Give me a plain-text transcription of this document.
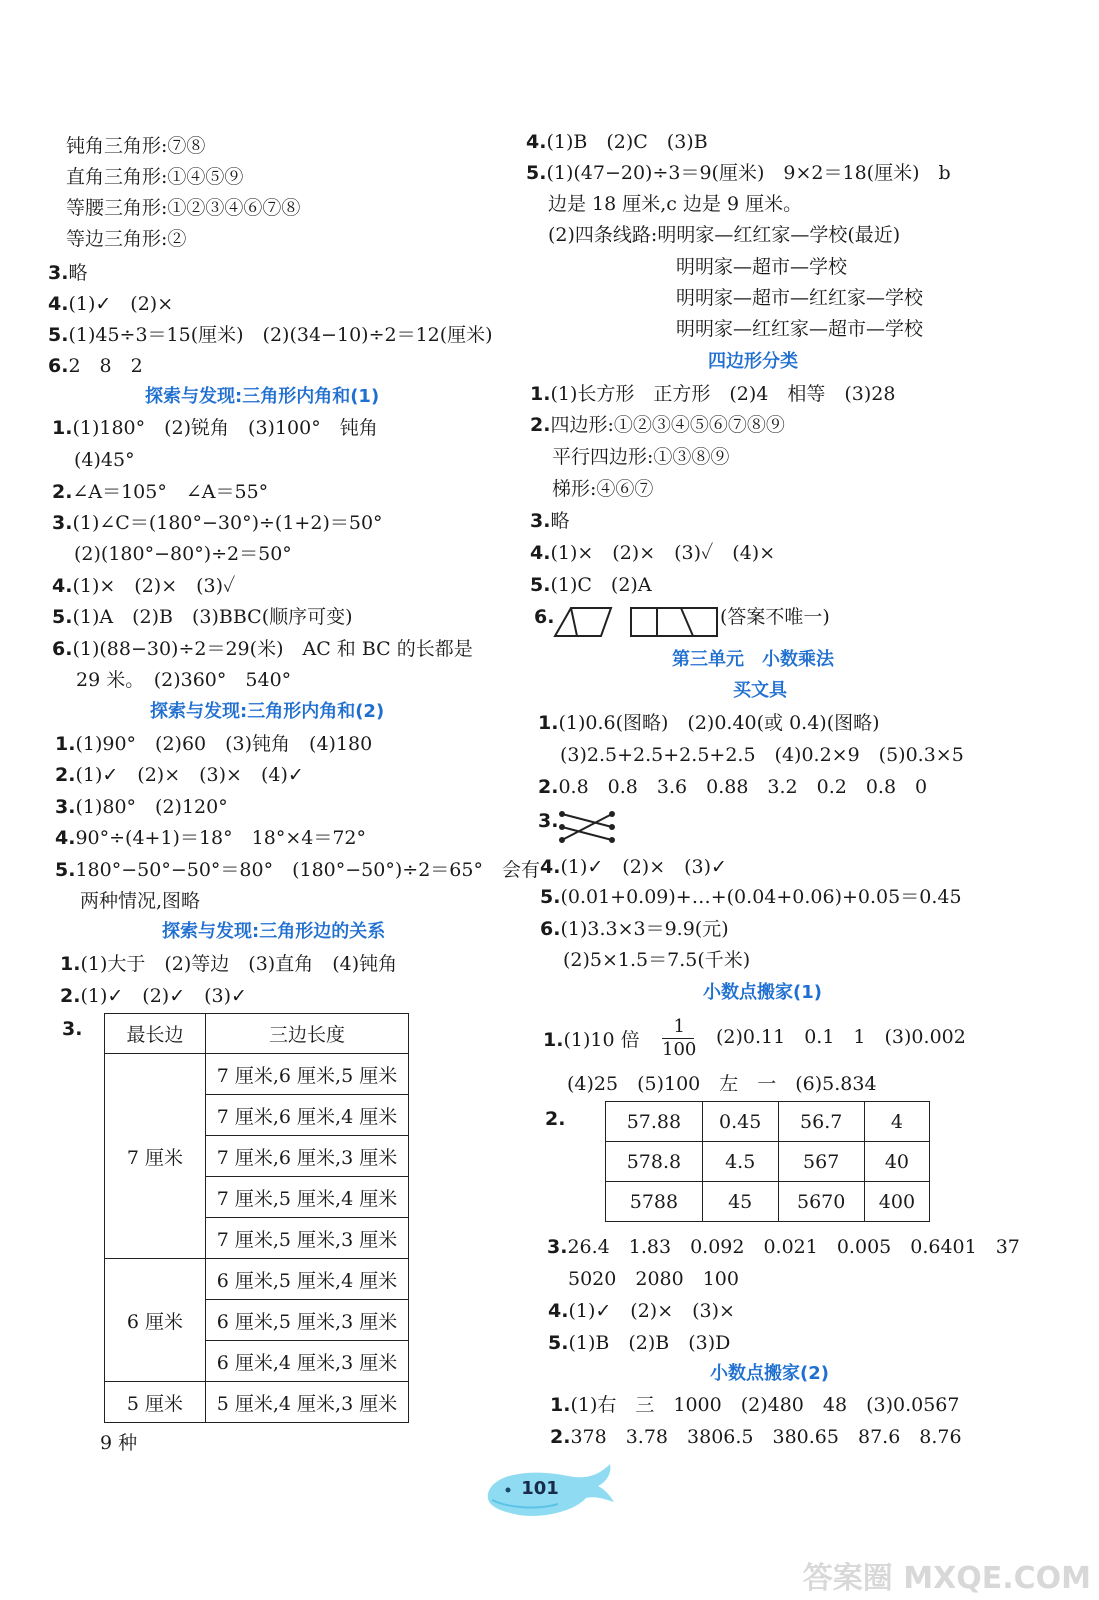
钝角三角形:⑦⑧
直角三角形:①④⑤⑨
等腰三角形:①②③④⑥⑦⑧
等边三角形:②
3.略
4.(1)✓　(2)×
5.(1)45÷3＝15(厘米)　(2)(34−10)÷2＝12(厘米)
6.2　8　2
探索与发现:三角形内角和(1)
1.(1)180°　(2)锐角　(3)100°　钝角
(4)45°
2.∠A＝105°　∠A＝55°
3.(1)∠C＝(180°−30°)÷(1+2)＝50°
(2)(180°−80°)÷2＝50°
4.(1)×　(2)×　(3)✓
5.(1)A　(2)B　(3)BBC(顺序可变)
6.(1)(88−30)÷2＝29(米)　AC 和 BC 的长都是
29 米。　(2)360°　540°
探索与发现:三角形内角和(2)
1.(1)90°　(2)60　(3)钝角　(4)180
2.(1)✓　(2)×　(3)×　(4)✓
3.(1)80°　(2)120°
4.90°÷(4+1)＝18°　18°×4＝72°
5.180°−50°−50°＝80°　(180°−50°)÷2＝65°　会有
两种情况,图略
探索与发现:三角形边的关系
1.(1)大于　(2)等边　(3)直角　(4)钝角
2.(1)✓　(2)✓　(3)✓
3. 最长边	三边长度
7 厘米	7 厘米,6 厘米,5 厘米
	7 厘米,6 厘米,4 厘米
	7 厘米,6 厘米,3 厘米
	7 厘米,5 厘米,4 厘米
	7 厘米,5 厘米,3 厘米
6 厘米	6 厘米,5 厘米,4 厘米
	6 厘米,5 厘米,3 厘米
	6 厘米,4 厘米,3 厘米
5 厘米	5 厘米,4 厘米,3 厘米
9 种
4.(1)B　(2)C　(3)B
5.(1)(47−20)÷3＝9(厘米)　9×2＝18(厘米)　b
边是 18 厘米,c 边是 9 厘米。
(2)四条线路:明明家—红红家—学校(最近)
明明家—超市—学校
明明家—超市—红红家—学校
明明家—红红家—超市—学校
四边形分类
1.(1)长方形　正方形　(2)4　相等　(3)28
2.四边形:①②③④⑤⑥⑦⑧⑨
平行四边形:①③⑧⑨
梯形:④⑥⑦
3.略
4.(1)×　(2)×　(3)✓　(4)×
5.(1)C　(2)A
6.	(答案不唯一)
第三单元　小数乘法
买文具
1.(1)0.6(图略)　(2)0.40(或 0.4)(图略)
(3)2.5+2.5+2.5+2.5　(4)0.2×9　(5)0.3×5
2.0.8　0.8　3.6　0.88　3.2　0.2　0.8　0
3.
4.(1)✓　(2)×　(3)✓
5.(0.01+0.09)+…+(0.04+0.06)+0.05＝0.45
6.(1)3.3×3＝9.9(元)
(2)5×1.5＝7.5(千米)
小数点搬家(1)
1.(1)10 倍
1
100
(2)0.11　0.1　1　(3)0.002
(4)25　(5)100　左　一　(6)5.834
2.	57.88	0.45	56.7	4
578.8	4.5	567	40
5788	45	5670	400
3.26.4　1.83　0.092　0.021　0.005　0.6401　37
5020　2080　100
4.(1)✓　(2)×　(3)×
5.(1)B　(2)B　(3)D
小数点搬家(2)
1.(1)右　三　1000　(2)480　48　(3)0.0567
2.378　3.78　3806.5　380.65　87.6　8.76
101
答案圈 MXQE.COM
